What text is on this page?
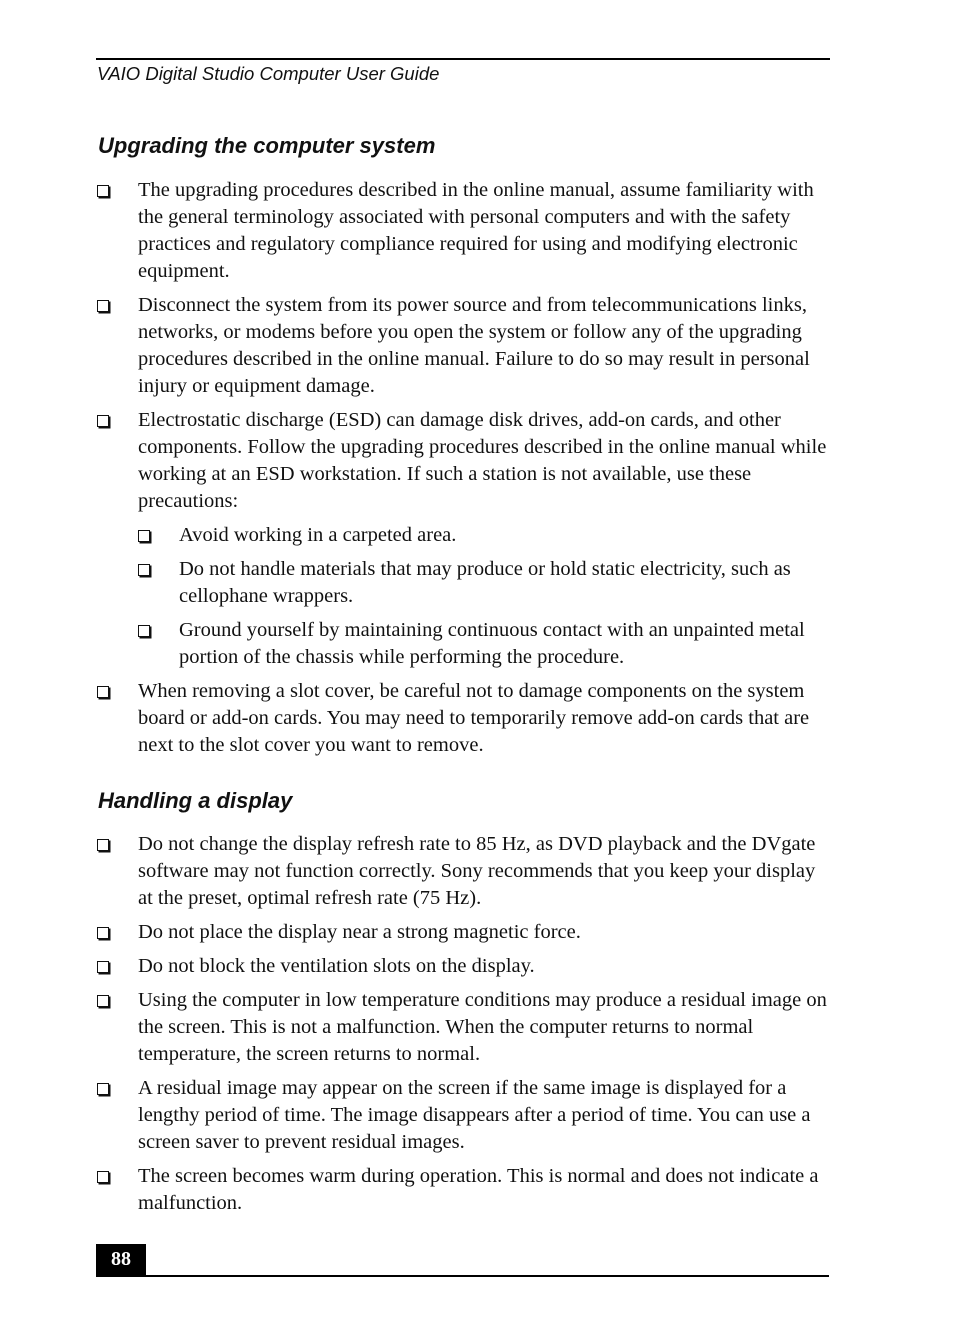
VAIO Digital Studio Computer User Guide
Upgrading the computer system
The upgrading procedures described in the online manual, assume familiarity with the general terminology associated with personal computers and with the safety practices and regulatory compliance required for using and modifying electronic equipment.
Disconnect the system from its power source and from telecommunications links, networks, or modems before you open the system or follow any of the upgrading procedures described in the online manual. Failure to do so may result in personal injury or equipment damage.
Electrostatic discharge (ESD) can damage disk drives, add-on cards, and other components. Follow the upgrading procedures described in the online manual while working at an ESD workstation. If such a station is not available, use these precautions:
Avoid working in a carpeted area.
Do not handle materials that may produce or hold static electricity, such as cellophane wrappers.
Ground yourself by maintaining continuous contact with an unpainted metal portion of the chassis while performing the procedure.
When removing a slot cover, be careful not to damage components on the system board or add-on cards. You may need to temporarily remove add-on cards that are next to the slot cover you want to remove.
Handling a display
Do not change the display refresh rate to 85 Hz, as DVD playback and the DVgate software may not function correctly. Sony recommends that you keep your display at the preset, optimal refresh rate (75 Hz).
Do not place the display near a strong magnetic force.
Do not block the ventilation slots on the display.
Using the computer in low temperature conditions may produce a residual image on the screen. This is not a malfunction. When the computer returns to normal temperature, the screen returns to normal.
A residual image may appear on the screen if the same image is displayed for a lengthy period of time. The image disappears after a period of time. You can use a screen saver to prevent residual images.
The screen becomes warm during operation. This is normal and does not indicate a malfunction.
88
